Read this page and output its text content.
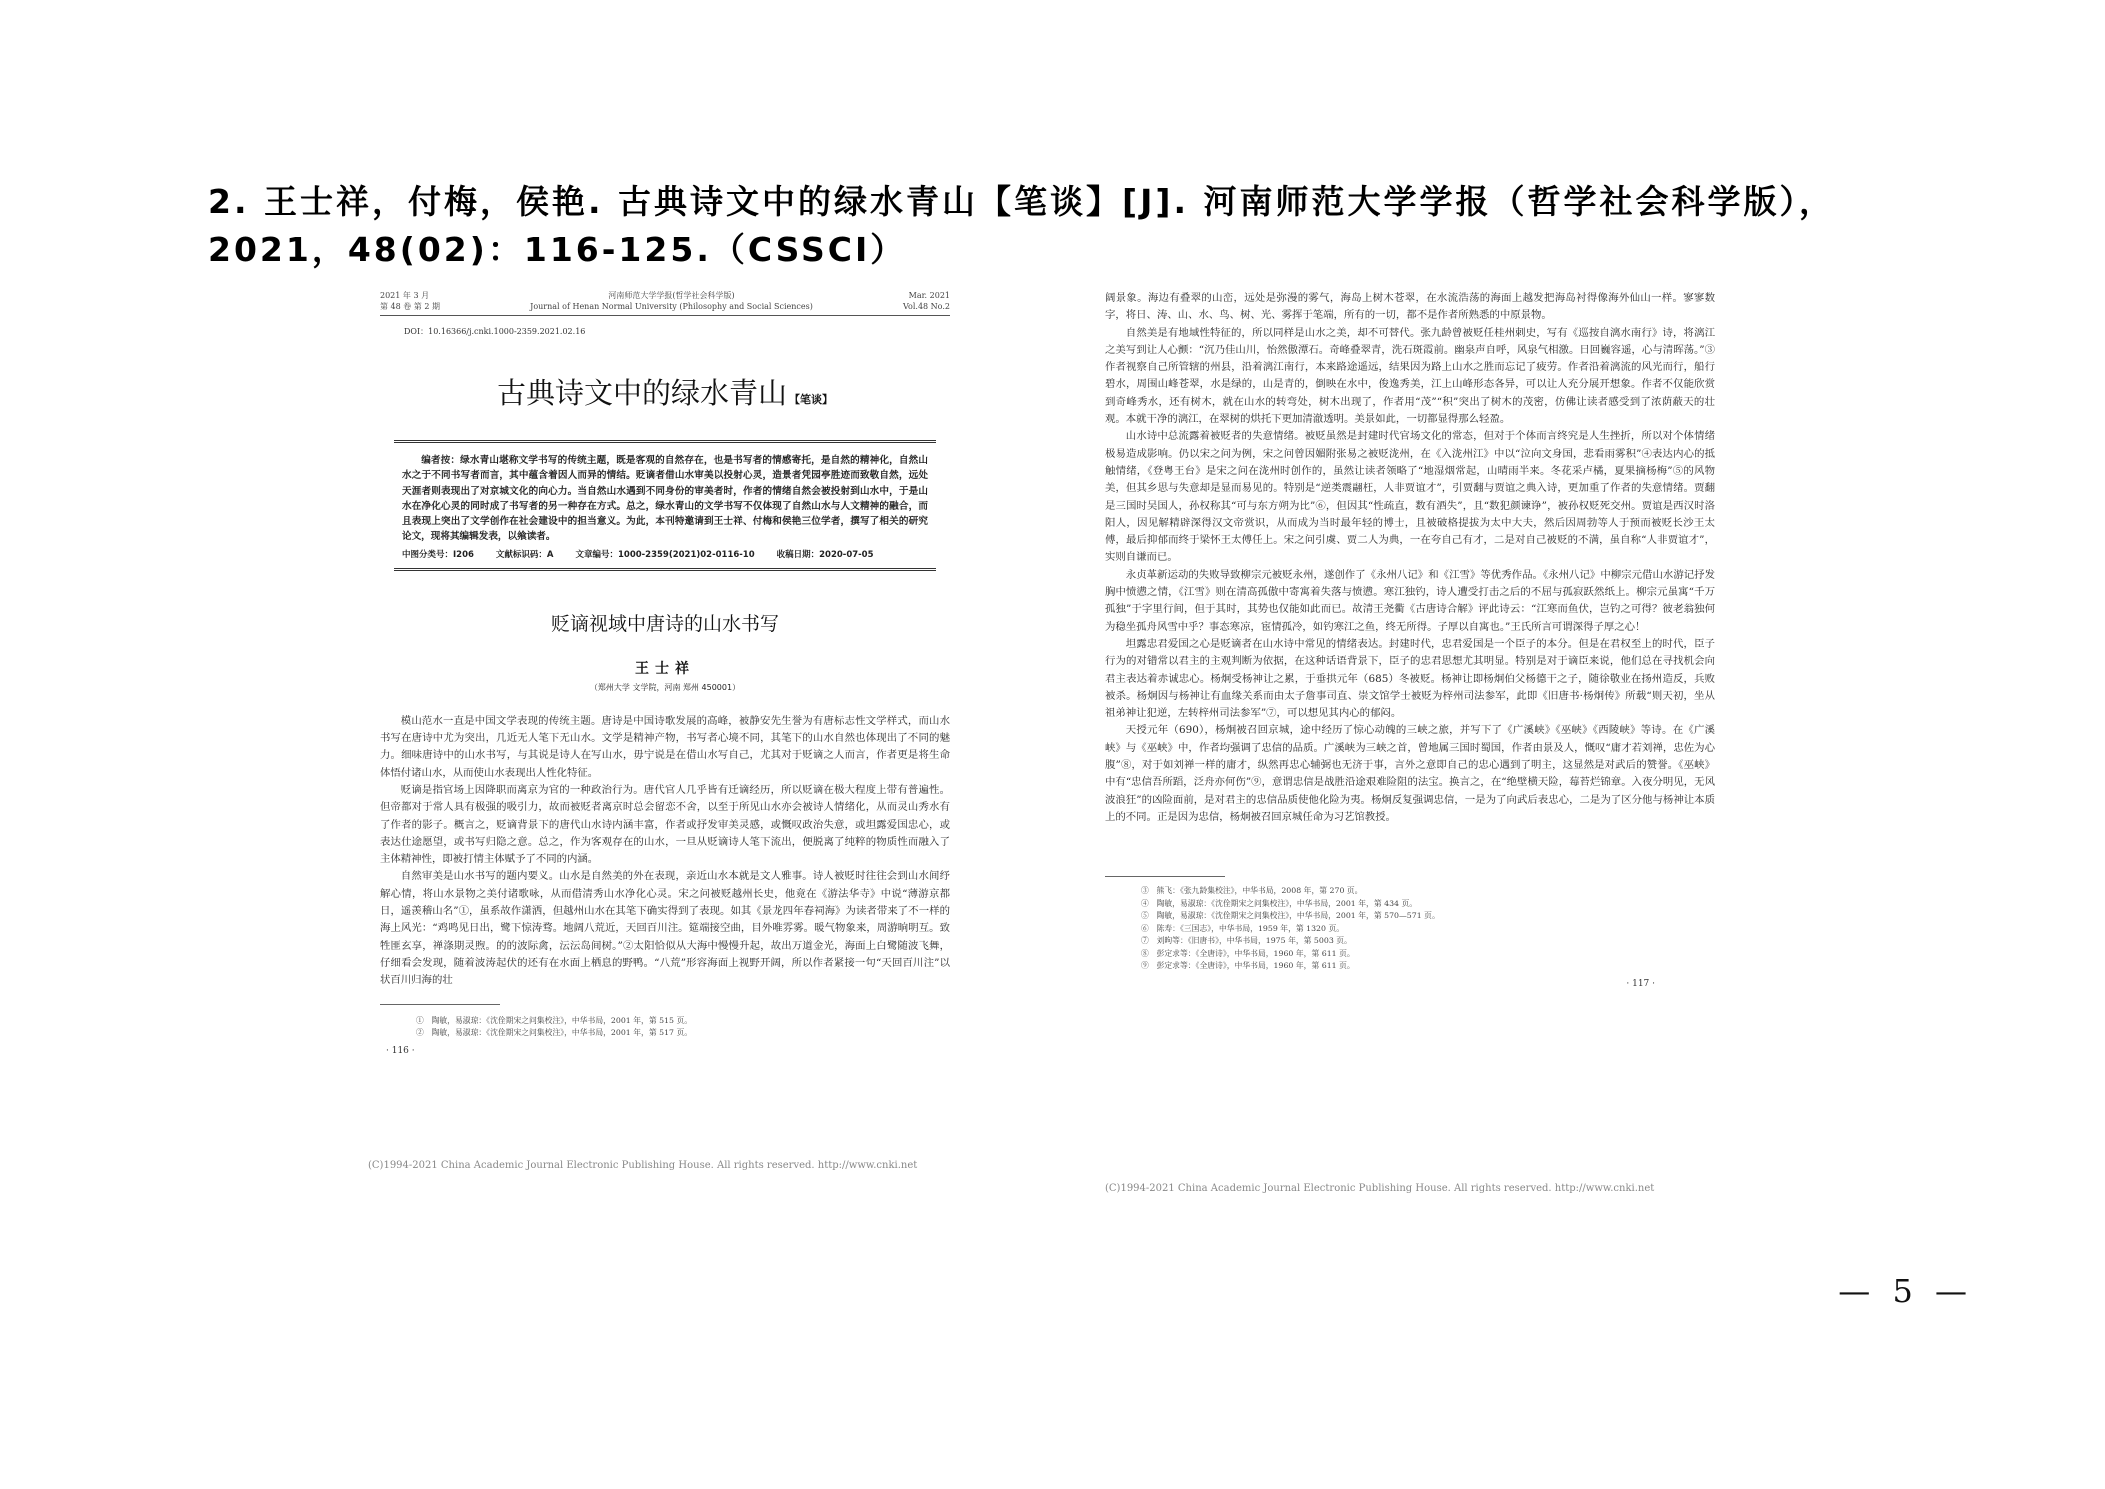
2. 王士祥，付梅，侯艳. 古典诗文中的绿水青山【笔谈】[J]. 河南师范大学学报（哲学社会科学版），2021，48(02)：116-125.（CSSCI）

2021 年 3 月
第 48 卷 第 2 期
河南师范大学学报(哲学社会科学版)
Journal of Henan Normal University (Philosophy and Social Sciences)
Mar. 2021
Vol.48 No.2
DOI：10.16366/j.cnki.1000-2359.2021.02.16
古典诗文中的绿水青山 【笔谈】

编者按：绿水青山堪称文学书写的传统主题，既是客观的自然存在，也是书写者的情感寄托，是自然的精神化，自然山水之于不同书写者而言，其中蕴含着因人而异的情结。贬谪者借山水审美以投射心灵，造景者凭园亭胜迹而致敬自然，远处天涯者则表现出了对京城文化的向心力。当自然山水遇到不同身份的审美者时，作者的情绪自然会被投射到山水中，于是山水在净化心灵的同时成了书写者的另一种存在方式。总之，绿水青山的文学书写不仅体现了自然山水与人文精神的融合，而且表现上突出了文学创作在社会建设中的担当意义。为此，本刊特邀请到王士祥、付梅和侯艳三位学者，撰写了相关的研究论文，现将其编辑发表，以飨读者。

中图分类号：I206	文献标识码：A	文章编号：1000-2359(2021)02-0116-10	收稿日期：2020-07-05
贬谪视域中唐诗的山水书写
王士祥
（郑州大学 文学院，河南 郑州 450001）

模山范水一直是中国文学表现的传统主题。唐诗是中国诗歌发展的高峰，被静安先生誉为有唐标志性文学样式，而山水书写在唐诗中尤为突出，几近无人笔下无山水。文学是精神产物，书写者心境不同，其笔下的山水自然也体现出了不同的魅力。细味唐诗中的山水书写，与其说是诗人在写山水，毋宁说是在借山水写自己，尤其对于贬谪之人而言，作者更是将生命体悟付诸山水，从而使山水表现出人性化特征。

贬谪是指官场上因降职而离京为官的一种政治行为。唐代官人几乎皆有迁谪经历，所以贬谪在极大程度上带有普遍性。但帝都对于常人具有极强的吸引力，故而被贬者离京时总会留恋不舍，以至于所见山水亦会被诗人情绪化，从而灵山秀水有了作者的影子。概言之，贬谪背景下的唐代山水诗内涵丰富，作者或抒发审美灵感，或慨叹政治失意，或坦露爱国忠心，或表达仕途愿望，或书写归隐之意。总之，作为客观存在的山水，一旦从贬谪诗人笔下流出，便脱离了纯粹的物质性而融入了主体精神性，即被打情主体赋予了不同的内涵。

自然审美是山水书写的题内要义。山水是自然美的外在表现，亲近山水本就是文人雅事。诗人被贬时往往会到山水间纾解心情，将山水景物之美付诸歌咏，从而借清秀山水净化心灵。宋之问被贬越州长史，他竟在《游法华寺》中说“薄游京都日，遥羡稽山名”①，虽系故作潇洒，但越州山水在其笔下确实得到了表现。如其《景龙四年春祠海》为读者带来了不一样的海上风光：“鸡鸣见日出，鹭下惊涛骛。地阔八荒近，天回百川注。筵端接空曲，目外唯雰雾。暖气物象来，周游晌明互。致牲匪玄享，禅涤期灵煦。的的波际禽，沄沄岛间树。”②太阳恰似从大海中慢慢升起，故出万道金光，海面上白鹭随波飞舞，仔细看会发现，随着波涛起伏的还有在水面上栖息的野鸭。“八荒”形容海面上视野开阔，所以作者紧接一句“天回百川注”以状百川归海的壮

①　陶敏，易淑琼：《沈佺期宋之问集校注》，中华书局，2001 年，第 515 页。

②　陶敏，易淑琼：《沈佺期宋之问集校注》，中华书局，2001 年，第 517 页。

· 116 ·
(C)1994-2021 China Academic Journal Electronic Publishing House. All rights reserved. http://www.cnki.net

阔景象。海边有叠翠的山峦，远处是弥漫的雾气，海岛上树木苍翠，在水流浩荡的海面上越发把海岛衬得像海外仙山一样。寥寥数字，将日、涛、山、水、鸟、树、光、雾挥于笔端，所有的一切，都不是作者所熟悉的中原景物。

自然美是有地域性特征的，所以同样是山水之美，却不可替代。张九龄曾被贬任桂州刺史，写有《巡按自漓水南行》诗，将漓江之美写到让人心颤：“沉乃佳山川，怡然傲潭石。奇峰叠翠青，洗石斑霞前。幽泉声自呼，风泉气相激。日回巍容遥，心与清晖荡。”③作者视察自己所管辖的州县，沿着漓江南行，本来路途遥远，结果因为路上山水之胜而忘记了疲劳。作者沿着漓流的风光而行，船行碧水，周围山峰苍翠，水是绿的，山是青的，倒映在水中，俊逸秀美，江上山峰形态各异，可以让人充分展开想象。作者不仅能欣赏到奇峰秀水，还有树木，就在山水的转弯处，树木出现了，作者用“茂”“积”突出了树木的茂密，仿佛让读者感受到了浓荫蔽天的壮观。本就干净的漓江，在翠树的烘托下更加清澈透明。美景如此，一切都显得那么轻盈。

山水诗中总流露着被贬者的失意情绪。被贬虽然是封建时代官场文化的常态，但对于个体而言终究是人生挫折，所以对个体情绪极易造成影响。仍以宋之问为例，宋之问曾因媚附张易之被贬泷州，在《入泷州江》中以“泣向文身国，悲看雨雾积”④表达内心的抵触情绪，《登粤王台》是宋之问在泷州时创作的，虽然让读者领略了“地湿烟常起，山晴雨半来。冬花采卢橘，夏果摘杨梅”⑤的风物美，但其乡思与失意却是显而易见的。特别是“逆类震翮枉，人非贾谊才”，引贾翻与贾谊之典入诗，更加重了作者的失意情绪。贾翻是三国时吴国人，孙权称其“可与东方朔为比”⑥，但因其“性疏直，数有酒失”，且“数犯颜谏诤”，被孙权贬死交州。贾谊是西汉时洛阳人，因见解精辟深得汉文帝赏识，从而成为当时最年轻的博士，且被破格提拔为太中大夫，然后因周勃等人于预而被贬长沙王太傅，最后抑郁而终于梁怀王太傅任上。宋之问引虞、贾二人为典，一在夸自己有才，二是对自己被贬的不满，虽自称“人非贾谊才”，实则自谦而已。

永贞革新运动的失败导致柳宗元被贬永州，遂创作了《永州八记》和《江雪》等优秀作品。《永州八记》中柳宗元借山水游记抒发胸中愤懑之情，《江雪》则在清高孤傲中寄寓着失落与愤懑。寒江独钓，诗人遭受打击之后的不屈与孤寂跃然纸上。柳宗元虽寓“千万孤独”于字里行间，但于其时，其势也仅能如此而已。故清王尧衢《古唐诗合解》评此诗云：“江寒而鱼伏，岂钓之可得？彼老翁独何为稳坐孤舟风雪中乎？事态寒凉，宦情孤冷，如钓寒江之鱼，终无所得。子厚以自寓也。”王氏所言可谓深得子厚之心！

坦露忠君爱国之心是贬谪者在山水诗中常见的情绪表达。封建时代，忠君爱国是一个臣子的本分。但是在君权至上的时代，臣子行为的对错常以君主的主观判断为依据，在这种话语背景下，臣子的忠君思想尤其明显。特别是对于谪臣来说，他们总在寻找机会向君主表达着赤诚忠心。杨炯受杨神让之累，于垂拱元年（685）冬被贬。杨神让即杨炯伯父杨德干之子，随徐敬业在扬州造反，兵败被杀。杨炯因与杨神让有血缘关系而由太子詹事司直、崇文馆学士被贬为梓州司法参军，此即《旧唐书·杨炯传》所载“则天初，坐从祖弟神让犯逆，左转梓州司法参军”⑦，可以想见其内心的郁闷。

天授元年（690），杨炯被召回京城，途中经历了惊心动魄的三峡之旅，并写下了《广溪峡》《巫峡》《西陵峡》等诗。在《广溪峡》与《巫峡》中，作者均强调了忠信的品质。广溪峡为三峡之首，曾地属三国时蜀国，作者由景及人，慨叹“庸才若刘禅，忠佐为心腹”⑧，对于如刘禅一样的庸才，纵然再忠心辅弼也无济于事，言外之意即自己的忠心遇到了明主，这显然是对武后的赞誉。《巫峡》中有“忠信吾所蹈，泛舟亦何伤”⑨，意谓忠信是战胜沿途艰难险阻的法宝。换言之，在“绝壁横天险，莓苔烂锦章。入夜分明见，无风波浪狂”的凶险面前，是对君主的忠信品质使他化险为夷。杨炯反复强调忠信，一是为了向武后表忠心，二是为了区分他与杨神让本质上的不同。正是因为忠信，杨炯被召回京城任命为习艺馆教授。

③　熊飞：《张九龄集校注》，中华书局，2008 年，第 270 页。

④　陶敏，易淑琼：《沈佺期宋之问集校注》，中华书局，2001 年，第 434 页。

⑤　陶敏，易淑琼：《沈佺期宋之问集校注》，中华书局，2001 年，第 570—571 页。

⑥　陈寿：《三国志》，中华书局，1959 年，第 1320 页。

⑦　刘昫等：《旧唐书》，中华书局，1975 年，第 5003 页。

⑧　彭定求等：《全唐诗》，中华书局，1960 年，第 611 页。

⑨　彭定求等：《全唐诗》，中华书局，1960 年，第 611 页。

· 117 ·
(C)1994-2021 China Academic Journal Electronic Publishing House. All rights reserved. http://www.cnki.net
— 5 —
